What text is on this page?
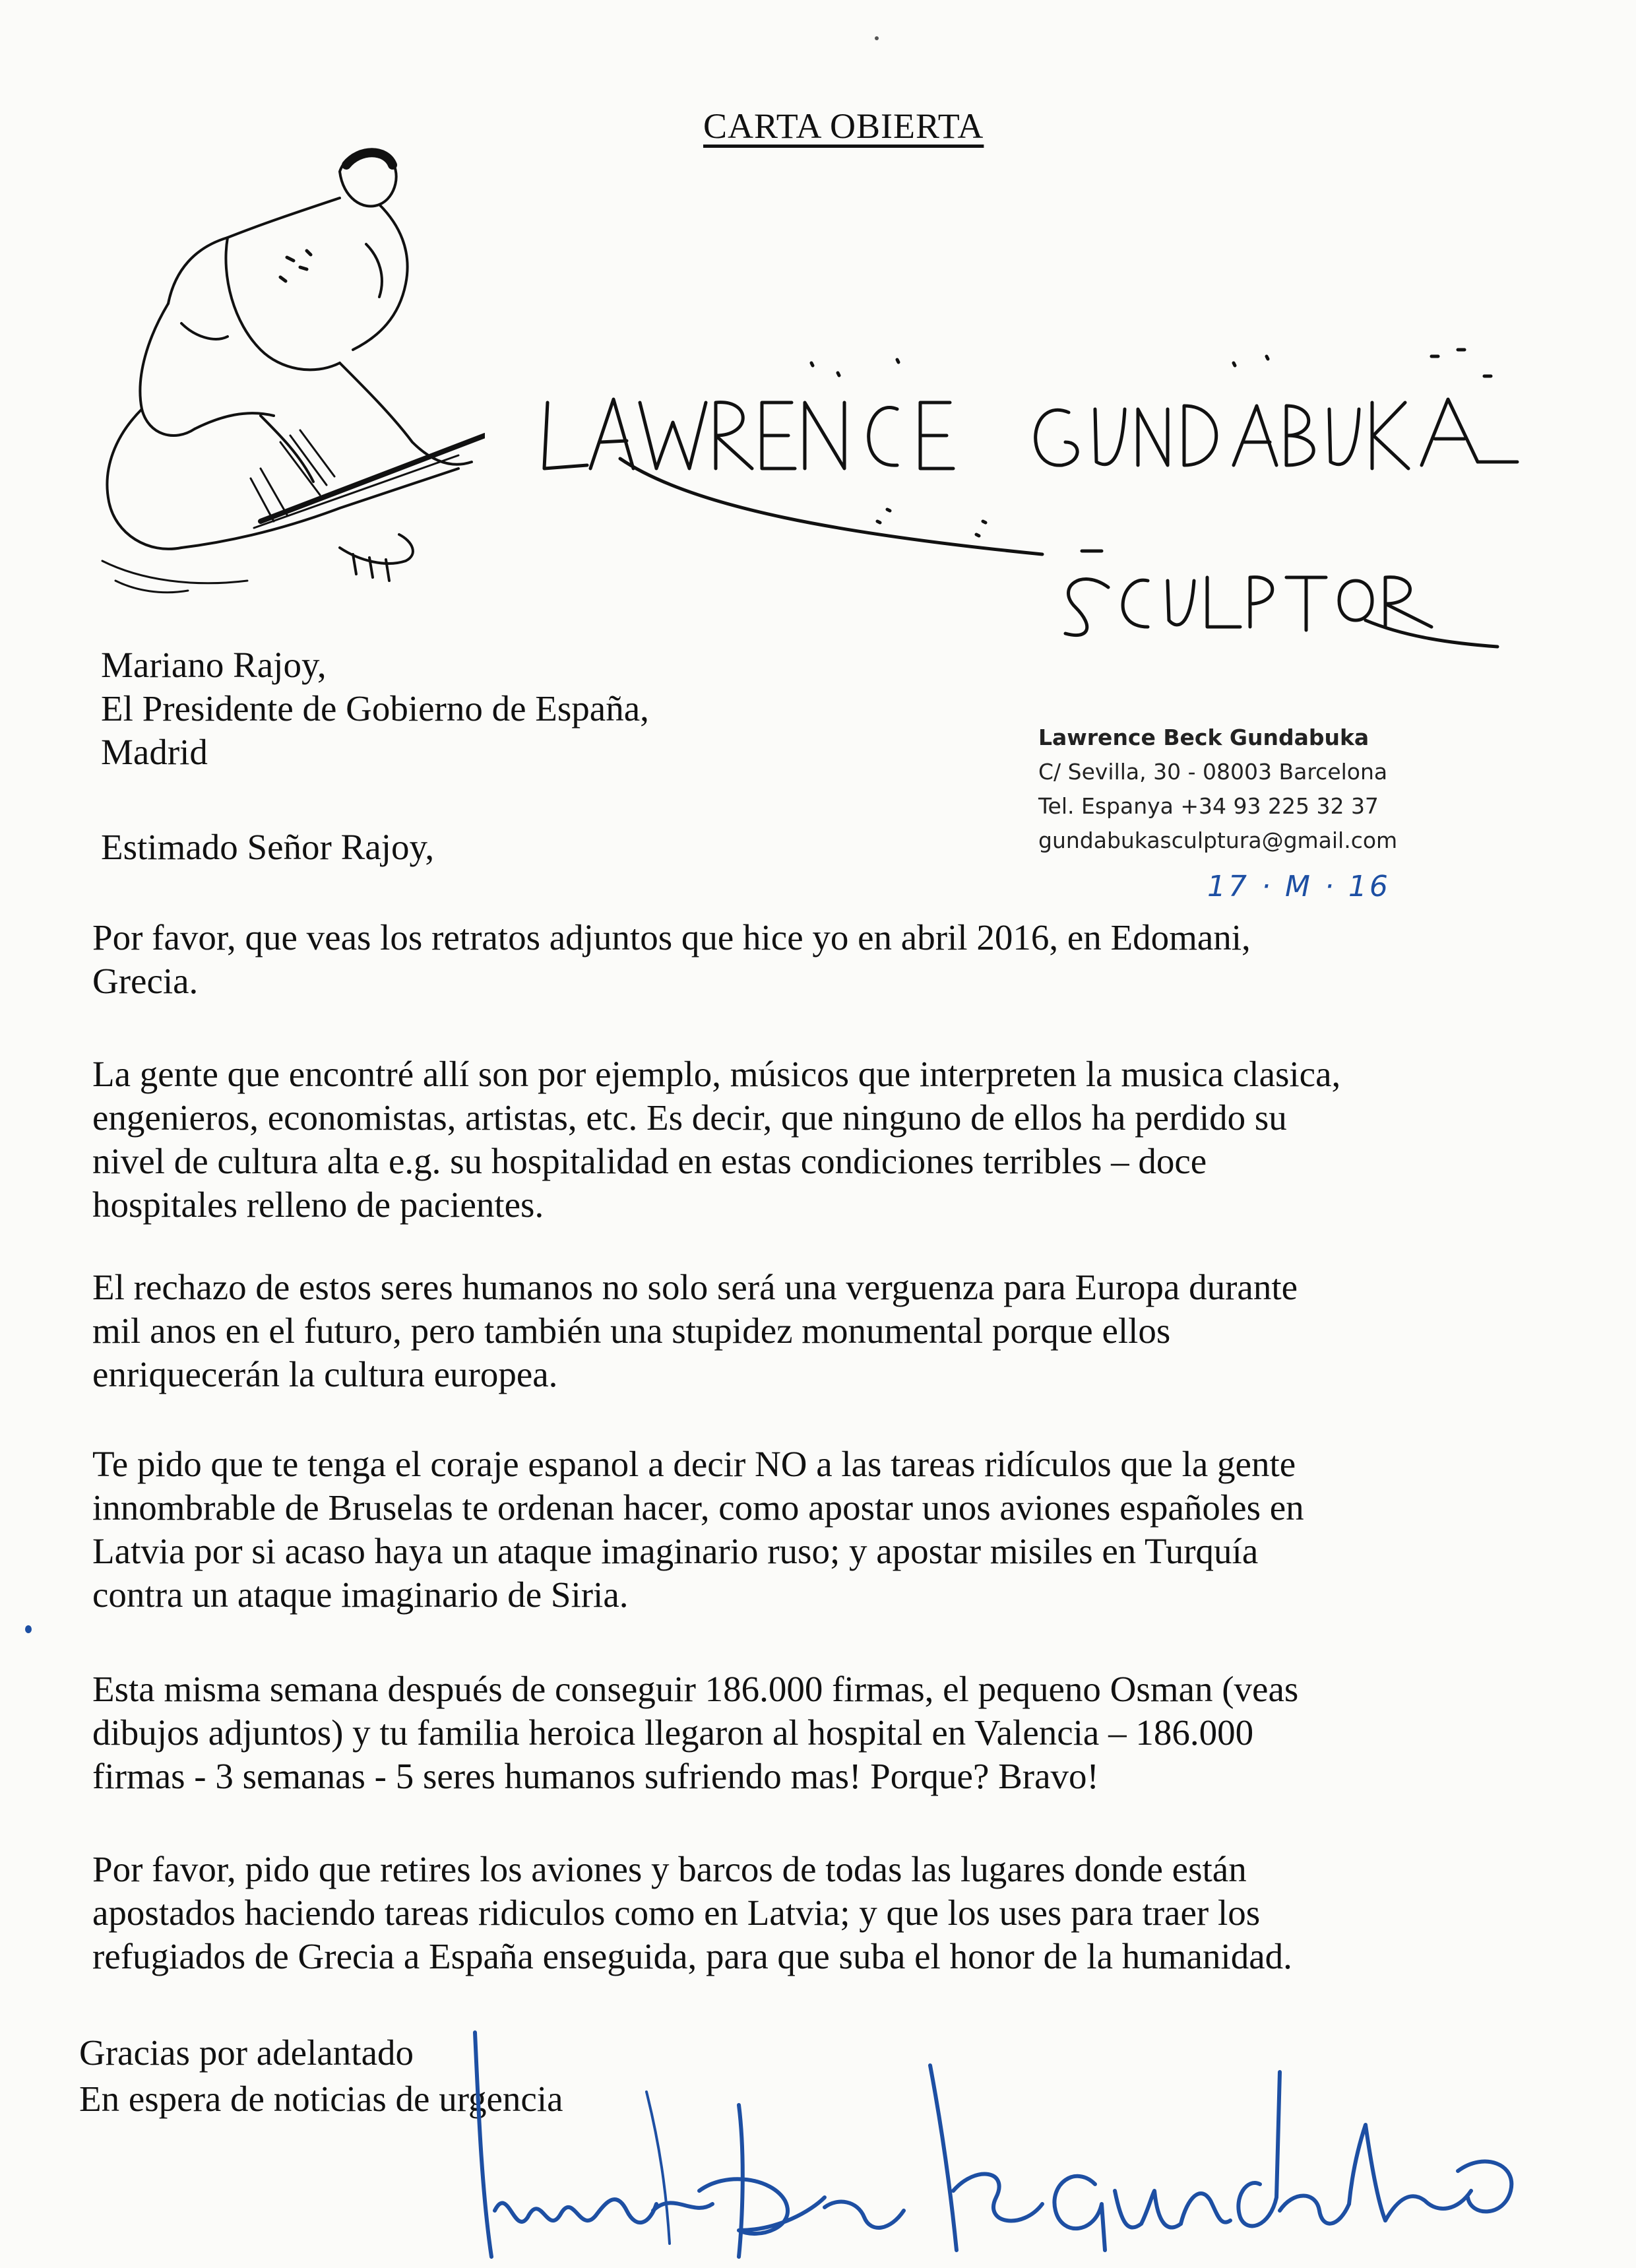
CARTA OBIERTA
Mariano Rajoy,
El Presidente de Gobierno de España,
Madrid	Lawrence Beck Gundabuka
C/ Sevilla, 30 - 08003 Barcelona
Tel. Espanya +34 93 225 32 37
gundabukasculptura@gmail.com
17 · M · 16
Estimado Señor Rajoy,
Por favor, que veas los retratos adjuntos que hice yo en abril 2016, en Edomani,
Grecia.
La gente que encontré allí son por ejemplo, músicos que interpreten la musica clasica,
engenieros, economistas, artistas, etc. Es decir, que ninguno de ellos ha perdido su
nivel de cultura alta e.g. su hospitalidad en estas condiciones terribles – doce
hospitales relleno de pacientes.
El rechazo de estos seres humanos no solo será una verguenza para Europa durante
mil anos en el futuro, pero también una stupidez monumental porque ellos
enriquecerán la cultura europea.
Te pido que te tenga el coraje espanol a decir NO a las tareas ridículos que la gente
innombrable de Bruselas te ordenan hacer, como apostar unos aviones españoles en
Latvia por si acaso haya un ataque imaginario ruso; y apostar misiles en Turquía
contra un ataque imaginario de Siria.
Esta misma semana después de conseguir 186.000 firmas, el pequeno Osman (veas
dibujos adjuntos) y tu familia heroica llegaron al hospital en Valencia – 186.000
firmas - 3 semanas - 5 seres humanos sufriendo mas! Porque? Bravo!
Por favor, pido que retires los aviones y barcos de todas las lugares donde están
apostados haciendo tareas ridiculos como en Latvia; y que los uses para traer los
refugiados de Grecia a España enseguida, para que suba el honor de la humanidad.
Gracias por adelantado
En espera de noticias de urgencia
